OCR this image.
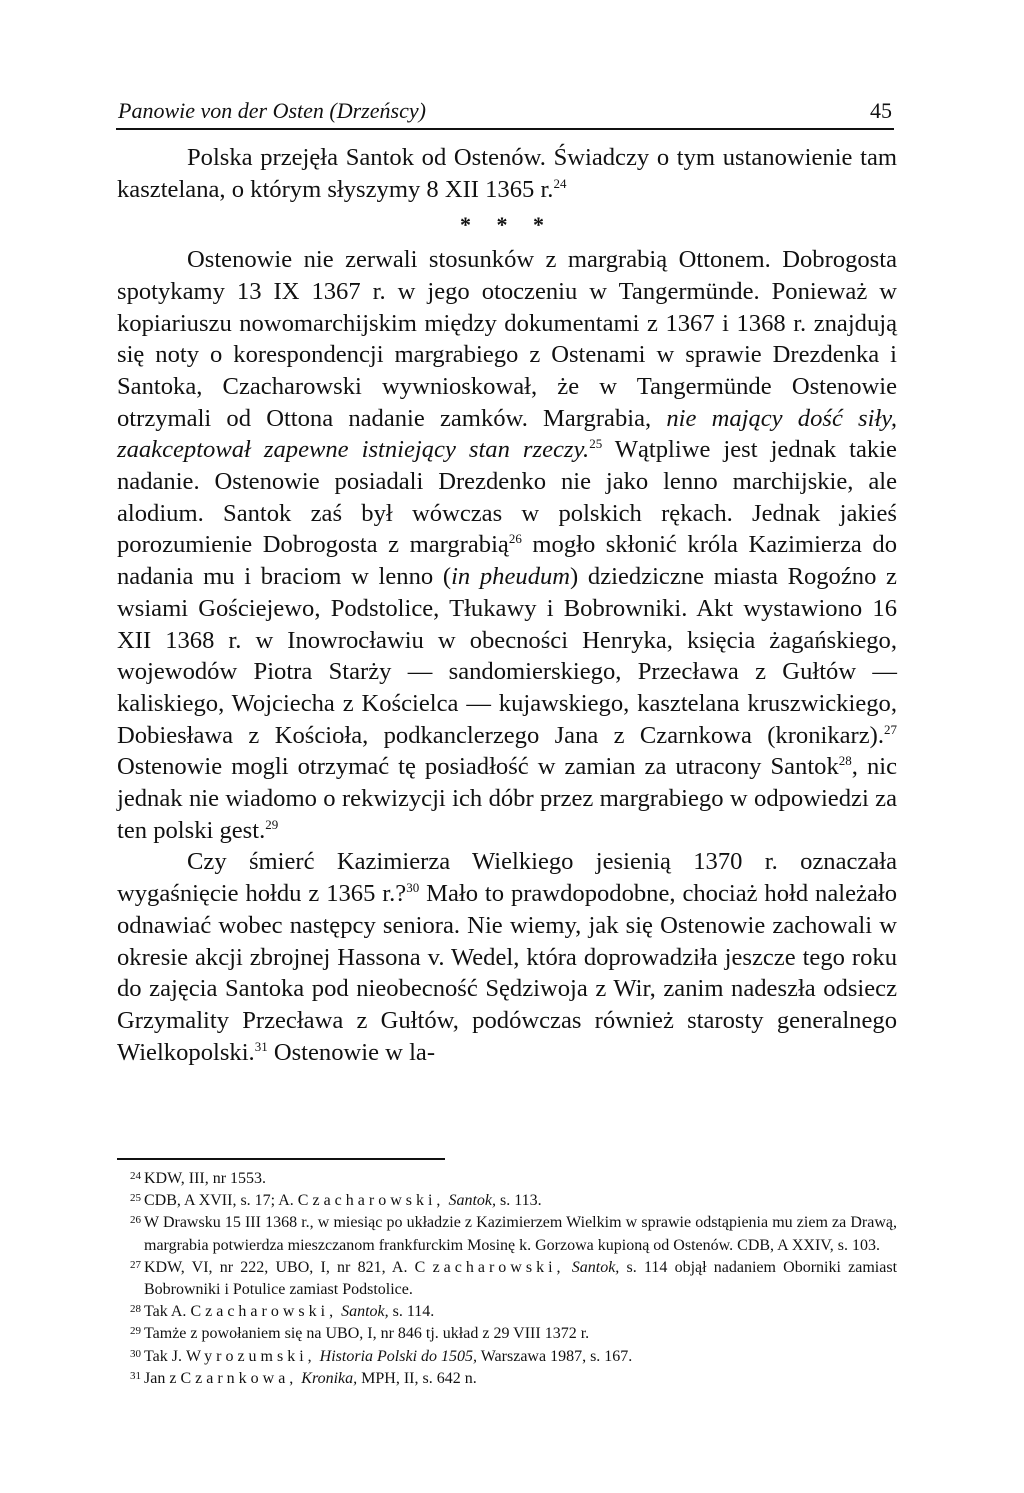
Panowie von der Osten (Drzeńscy)	45

Polska przejęła Santok od Ostenów. Świadczy o tym ustanowienie tam kasztelana, o którym słyszymy 8 XII 1365 r.$^{24}$

* * *

Ostenowie nie zerwali stosunków z margrabią Ottonem. Dobrogosta spotykamy 13 IX 1367 r. w jego otoczeniu w Tangermünde. Ponieważ w kopiariuszu nowomarchijskim między dokumentami z 1367 i 1368 r. znajdują się noty o korespondencji margrabiego z Ostenami w sprawie Drezdenka i Santoka, Czacharowski wywnioskował, że w Tangermünde Ostenowie otrzymali od Ottona nadanie zamków. Margrabia, nie mający dość siły, zaakceptował zapewne istniejący stan rzeczy.$^{25}$ Wątpliwe jest jednak takie nadanie. Ostenowie posiadali Drezdenko nie jako lenno marchijskie, ale alodium. Santok zaś był wówczas w polskich rękach. Jednak jakieś porozumienie Dobrogosta z margrabią$^{26}$ mogło skłonić króla Kazimierza do nadania mu i braciom w lenno (in pheudum) dziedziczne miasta Rogoźno z wsiami Gościejewo, Podstolice, Tłukawy i Bobrowniki. Akt wystawiono 16 XII 1368 r. w Inowrocławiu w obecności Henryka, księcia żagańskiego, wojewodów Piotra Starży — sandomierskiego, Przecława z Gułtów — kaliskiego, Wojciecha z Kościelca — kujawskiego, kasztelana kruszwickiego, Dobiesława z Kościoła, podkanclerzego Jana z Czarnkowa (kronikarz).$^{27}$ Ostenowie mogli otrzymać tę posiadłość w zamian za utracony Santok$^{28}$, nic jednak nie wiadomo o rekwizycji ich dóbr przez margrabiego w odpowiedzi za ten polski gest.$^{29}$

Czy śmierć Kazimierza Wielkiego jesienią 1370 r. oznaczała wygaśnięcie hołdu z 1365 r.?$^{30}$ Mało to prawdopodobne, chociaż hołd należało odnawiać wobec następcy seniora. Nie wiemy, jak się Ostenowie zachowali w okresie akcji zbrojnej Hassona v. Wedel, która doprowadziła jeszcze tego roku do zajęcia Santoka pod nieobecność Sędziwoja z Wir, zanim nadeszła odsiecz Grzymality Przecława z Gułtów, podówczas również starosty generalnego Wielkopolski.$^{31}$ Ostenowie w la-

24 KDW, III, nr 1553.
25 CDB, A XVII, s. 17; A. Czacharowski, Santok, s. 113.
26 W Drawsku 15 III 1368 r., w miesiąc po układzie z Kazimierzem Wielkim w sprawie odstąpienia mu ziem za Drawą, margrabia potwierdza mieszczanom frankfurckim Mosinę k. Gorzowa kupioną od Ostenów. CDB, A XXIV, s. 103.
27 KDW, VI, nr 222, UBO, I, nr 821, A. C zacharowski, Santok, s. 114 objął nadaniem Oborniki zamiast Bobrowniki i Potulice zamiast Podstolice.
28 Tak A. Czacharowski, Santok, s. 114.
29 Tamże z powołaniem się na UBO, I, nr 846 tj. układ z 29 VIII 1372 r.
30 Tak J. Wyrozumski, Historia Polski do 1505, Warszawa 1987, s. 167.
31 Jan z Czarnkowa, Kronika, MPH, II, s. 642 n.
